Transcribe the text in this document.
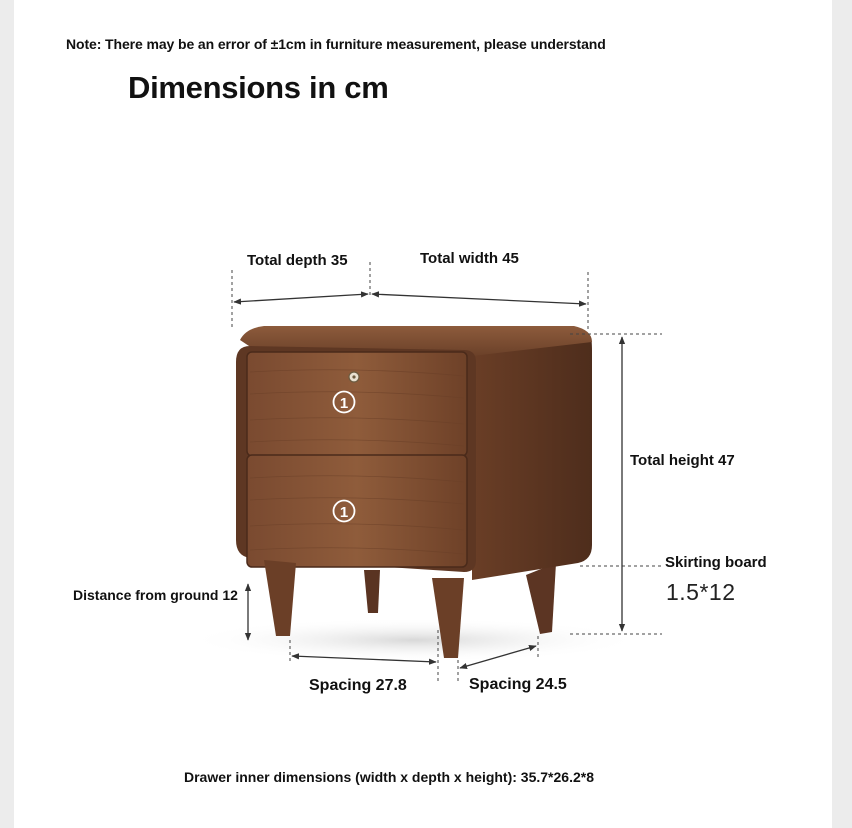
Note: There may be an error of ±1cm in furniture measurement, please understand
Dimensions in cm
1
1
Total depth 35	Total width 45
Total height 47
Skirting board
1.5*12
Distance from ground 12
Spacing 27.8	Spacing 24.5
Drawer inner dimensions (width x depth x height): 35.7*26.2*8
